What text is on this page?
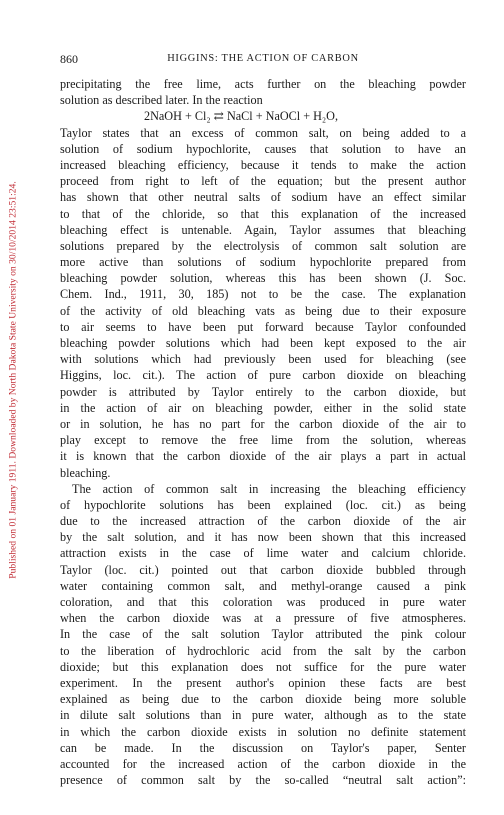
Published on 01 January 1911. Downloaded by North Dakota State University on 30/10/2014 23:51:24.
860	HIGGINS: THE ACTION OF CARBON
precipitating the free lime, acts further on the bleaching powder
solution as described later. In the reaction
2NaOH + Cl₂ ⇄ NaCl + NaOCl + H₂O,
Taylor states that an excess of common salt, on being added to a
solution of sodium hypochlorite, causes that solution to have an
increased bleaching efficiency, because it tends to make the action
proceed from right to left of the equation; but the present author
has shown that other neutral salts of sodium have an effect similar
to that of the chloride, so that this explanation of the increased
bleaching effect is untenable. Again, Taylor assumes that bleaching
solutions prepared by the electrolysis of common salt solution are
more active than solutions of sodium hypochlorite prepared from
bleaching powder solution, whereas this has been shown (J. Soc.
Chem. Ind., 1911, 30, 185) not to be the case. The explanation
of the activity of old bleaching vats as being due to their exposure
to air seems to have been put forward because Taylor confounded
bleaching powder solutions which had been kept exposed to the air
with solutions which had previously been used for bleaching (see
Higgins, loc. cit.). The action of pure carbon dioxide on bleaching
powder is attributed by Taylor entirely to the carbon dioxide, but
in the action of air on bleaching powder, either in the solid state
or in solution, he has no part for the carbon dioxide of the air to
play except to remove the free lime from the solution, whereas
it is known that the carbon dioxide of the air plays a part in actual
bleaching.
The action of common salt in increasing the bleaching efficiency
of hypochlorite solutions has been explained (loc. cit.) as being
due to the increased attraction of the carbon dioxide of the air
by the salt solution, and it has now been shown that this increased
attraction exists in the case of lime water and calcium chloride.
Taylor (loc. cit.) pointed out that carbon dioxide bubbled through
water containing common salt, and methyl-orange caused a pink
coloration, and that this coloration was produced in pure water
when the carbon dioxide was at a pressure of five atmospheres.
In the case of the salt solution Taylor attributed the pink colour
to the liberation of hydrochloric acid from the salt by the carbon
dioxide; but this explanation does not suffice for the pure water
experiment. In the present author's opinion these facts are best
explained as being due to the carbon dioxide being more soluble
in dilute salt solutions than in pure water, although as to the state
in which the carbon dioxide exists in solution no definite statement
can be made. In the discussion on Taylor's paper, Senter
accounted for the increased action of the carbon dioxide in the
presence of common salt by the so-called “neutral salt action”:
